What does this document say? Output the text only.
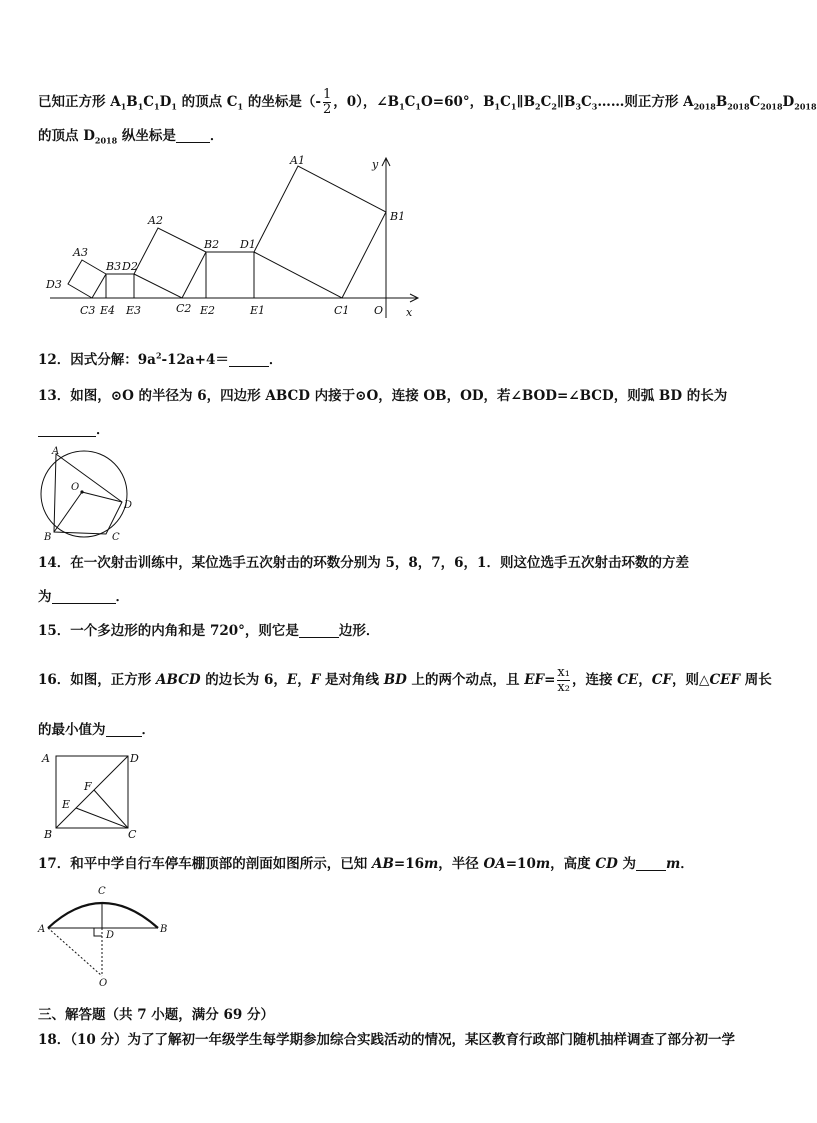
已知正方形 $A_1B_1C_1D_1$ 的顶点 $C_1$ 的坐标是（- $\frac{1}{2}$ ，0），$\angle B_1C_1O=60^\circ$，$B_1C_1\parallel B_2C_2\parallel B_3C_3\dots\dots$则正方形 $A_{2018}B_{2018}C_{2018}D_{2018}$
的顶点 $D_{2018}$ 纵坐标是	．
A1
B1
D1
A2
B2
A3
B3 D2
D3
C3 E4 E3	C2 E2	E1	C1 O x
y
12．因式分解：$9a^2-12a+4=$	．
13．如图，⊙O 的半径为 6，四边形 ABCD 内接于⊙O，连接 OB，OD，若∠BOD=∠BCD，则弧 BD 的长为
．
A
O
D
B	C
14．在一次射击训练中，某位选手五次射击的环数分别为 5，8，7，6，1．则这位选手五次射击环数的方差
为	．
15．一个多边形的内角和是 720°，则它是	边形．
16．如图，正方形 ABCD 的边长为 6，E，F 是对角线 BD 上的两个动点，且 $EF= \frac{\text{x₁}}{\text{x₂}}$ ，连接 CE，CF，则△CEF 周长
的最小值为	．
A	D
F
E
B	C
17．和平中学自行车停车棚顶部的剖面如图所示，已知 AB=16m，半径 OA=10m，高度 CD 为 m．
C
A
D
B
O
三、解答题（共 7 小题，满分 69 分）
18．（10 分）为了了解初一年级学生每学期参加综合实践活动的情况，某区教育行政部门随机抽样调查了部分初一学
